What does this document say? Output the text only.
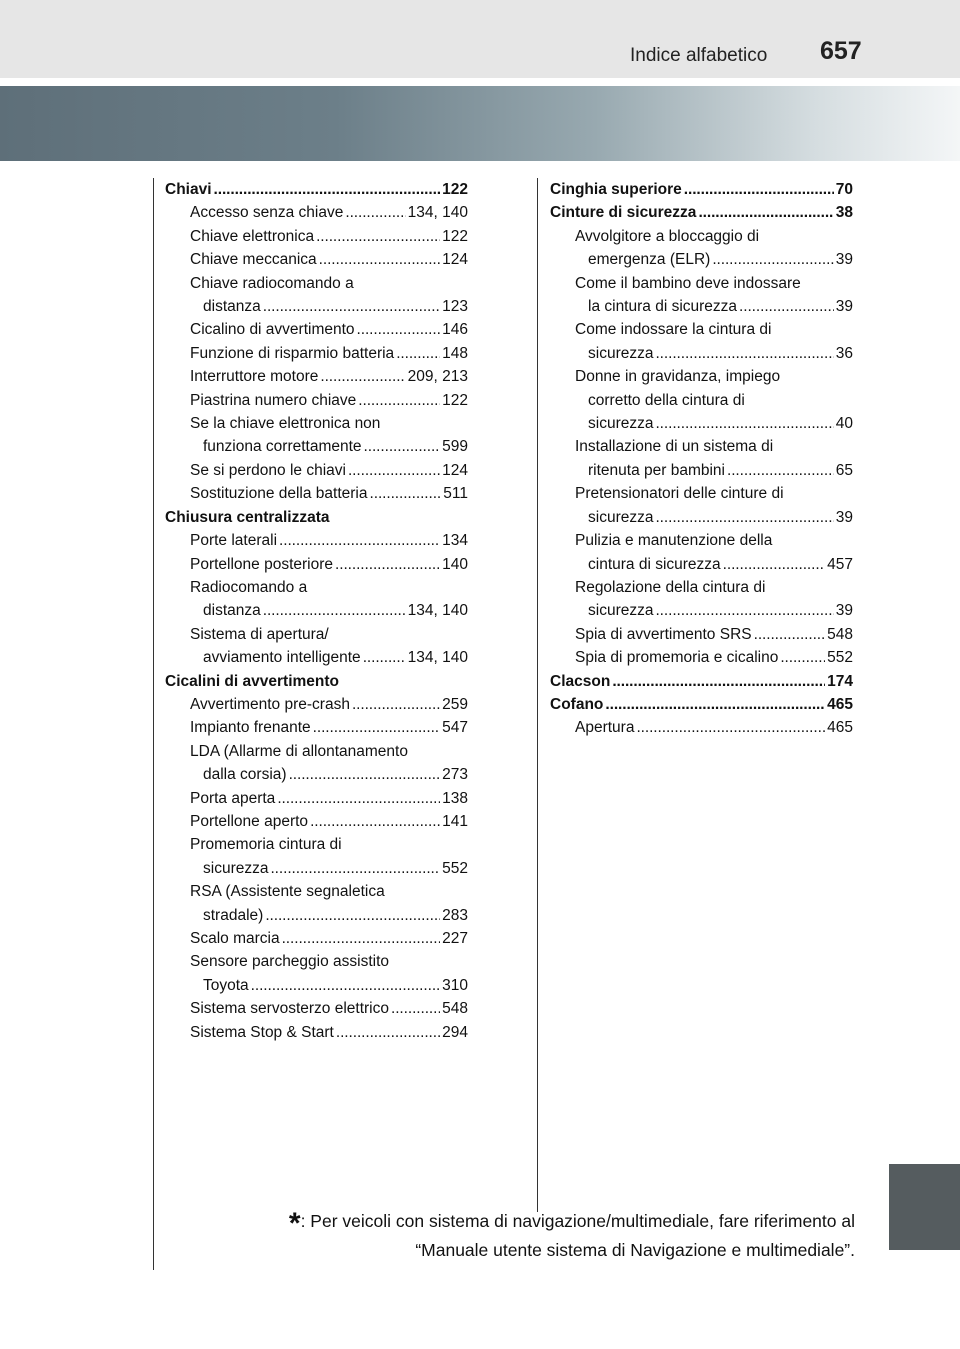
Indice alfabetico 657
Chiavi . . .	122
Accesso senza chiave . . .	134, 140
Chiave elettronica . . .	122
Chiave meccanica . . .	124
Chiave radiocomando a
distanza . . .	123
Cicalino di avvertimento . . .	146
Funzione di risparmio batteria . . .	148
Interruttore motore . . .	209, 213
Piastrina numero chiave . . .	122
Se la chiave elettronica non
funziona correttamente . . .	599
Se si perdono le chiavi . . .	124
Sostituzione della batteria . . .	511
Chiusura centralizzata
Porte laterali . . .	134
Portellone posteriore . . .	140
Radiocomando a
distanza . . .	134, 140
Sistema di apertura/
avviamento intelligente . . .	134, 140
Cicalini di avvertimento
Avvertimento pre-crash . . .	259
Impianto frenante . . .	547
LDA (Allarme di allontanamento
dalla corsia) . . .	273
Porta aperta . . .	138
Portellone aperto . . .	141
Promemoria cintura di
sicurezza . . .	552
RSA (Assistente segnaletica
stradale) . . .	283
Scalo marcia . . .	227
Sensore parcheggio assistito
Toyota . . .	310
Sistema servosterzo elettrico . . .	548
Sistema Stop & Start . . .	294
Cinghia superiore . . .	70
Cinture di sicurezza . . .	38
Avvolgitore a bloccaggio di
emergenza (ELR) . . .	39
Come il bambino deve indossare
la cintura di sicurezza . . .	39
Come indossare la cintura di
sicurezza . . .	36
Donne in gravidanza, impiego
corretto della cintura di
sicurezza . . .	40
Installazione di un sistema di
ritenuta per bambini . . .	65
Pretensionatori delle cinture di
sicurezza . . .	39
Pulizia e manutenzione della
cintura di sicurezza . . .	457
Regolazione della cintura di
sicurezza . . .	39
Spia di avvertimento SRS . . .	548
Spia di promemoria e cicalino . . .	552
Clacson . . .	174
Cofano . . .	465
Apertura . . .	465
*: Per veicoli con sistema di navigazione/multimediale, fare riferimento al
“Manuale utente sistema di Navigazione e multimediale”.
